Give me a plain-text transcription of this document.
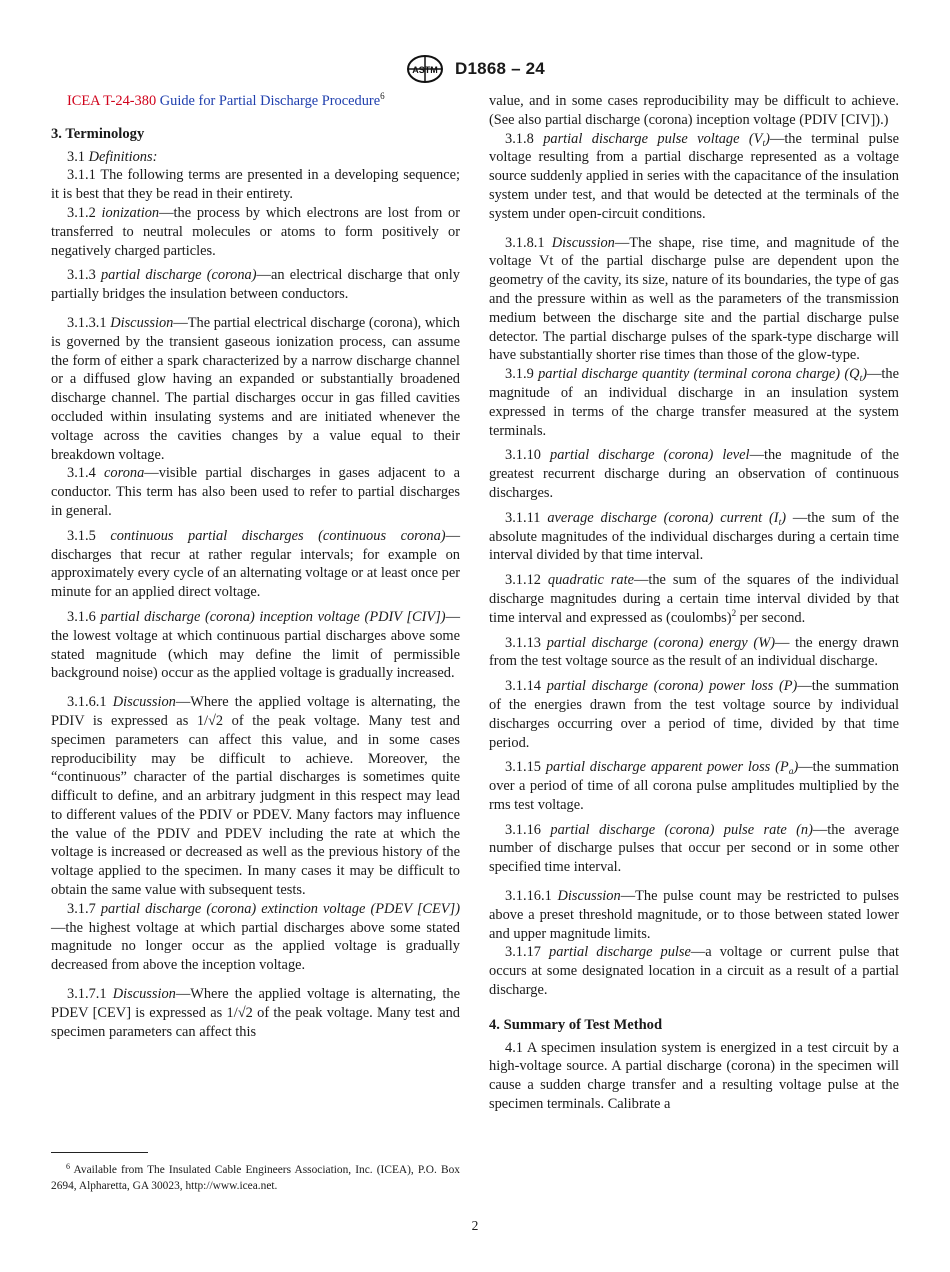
ASTM D1868 – 24

ICEA T-24-380 Guide for Partial Discharge Procedure$^6$

3. Terminology

3.1 Definitions:

3.1.1 The following terms are presented in a developing sequence; it is best that they be read in their entirety.

3.1.2 ionization—the process by which electrons are lost from or transferred to neutral molecules or atoms to form positively or negatively charged particles.

3.1.3 partial discharge (corona)—an electrical discharge that only partially bridges the insulation between conductors.

3.1.3.1 Discussion—The partial electrical discharge (corona), which is governed by the transient gaseous ionization process, can assume the form of either a spark characterized by a narrow discharge channel or a diffused glow having an expanded or substantially broadened discharge channel. The partial discharges occur in gas filled cavities occluded within insulating systems and are initiated whenever the voltage across the cavities changes by a value equal to their breakdown voltage.

3.1.4 corona—visible partial discharges in gases adjacent to a conductor. This term has also been used to refer to partial discharges in general.

3.1.5 continuous partial discharges (continuous corona)—discharges that recur at rather regular intervals; for example on approximately every cycle of an alternating voltage or at least once per minute for an applied direct voltage.

3.1.6 partial discharge (corona) inception voltage (PDIV [CIV])—the lowest voltage at which continuous partial discharges above some stated magnitude (which may define the limit of permissible background noise) occur as the applied voltage is gradually increased.

3.1.6.1 Discussion—Where the applied voltage is alternating, the PDIV is expressed as 1/√2 of the peak voltage. Many test and specimen parameters can affect this value, and in some cases reproducibility may be difficult to achieve. Moreover, the “continuous” character of the partial discharges is sometimes quite difficult to define, and an arbitrary judgment in this respect may lead to different values of the PDIV or PDEV. Many factors may influence the value of the PDIV and PDEV including the rate at which the voltage is increased or decreased as well as the previous history of the voltage applied to the specimen. In many cases it may be difficult to obtain the same value with subsequent tests.

3.1.7 partial discharge (corona) extinction voltage (PDEV [CEV])—the highest voltage at which partial discharges above some stated magnitude no longer occur as the applied voltage is gradually decreased from above the inception voltage.

3.1.7.1 Discussion—Where the applied voltage is alternating, the PDEV [CEV] is expressed as 1/√2 of the peak voltage. Many test and specimen parameters can affect this

value, and in some cases reproducibility may be difficult to achieve. (See also partial discharge (corona) inception voltage (PDIV [CIV]).)

3.1.8 partial discharge pulse voltage $(V_t)—the$ terminal pulse voltage resulting from a partial discharge represented as a voltage source suddenly applied in series with the capacitance of the insulation system under test, and that would be detected at the terminals of the system under open-circuit conditions.

3.1.8.1 Discussion—The shape, rise time, and magnitude of the voltage Vt of the partial discharge pulse are dependent upon the geometry of the cavity, its size, nature of its boundaries, the type of gas and the pressure within as well as the parameters of the transmission medium between the discharge site and the partial discharge pulse detector. The partial discharge pulses of the spark-type discharge will have substantially shorter rise times than those of the glow-type.

3.1.9 partial discharge quantity (terminal corona charge) $(Q_t)—the$ magnitude of an individual discharge in an insulation system expressed in terms of the charge transfer measured at the system terminals.

3.1.10 partial discharge (corona) level—the magnitude of the greatest recurrent discharge during an observation of continuous discharges.

3.1.11 average discharge (corona) current $(I_t)$ —the sum of the absolute magnitudes of the individual discharges during a certain time interval divided by that time interval.

3.1.12 quadratic rate—the sum of the squares of the individual discharge magnitudes during a certain time interval divided by that time interval and expressed as (coulombs)$^2$ per second.

3.1.13 partial discharge (corona) energy (W)— the energy drawn from the test voltage source as the result of an individual discharge.

3.1.14 partial discharge (corona) power loss (P)—the summation of the energies drawn from the test voltage source by individual discharges occurring over a period of time, divided by that time period.

3.1.15 partial discharge apparent power loss $(P_a)—the$ summation over a period of time of all corona pulse amplitudes multiplied by the rms test voltage.

3.1.16 partial discharge (corona) pulse rate (n)—the average number of discharge pulses that occur per second or in some other specified time interval.

3.1.16.1 Discussion—The pulse count may be restricted to pulses above a preset threshold magnitude, or to those between stated lower and upper magnitude limits.

3.1.17 partial discharge pulse—a voltage or current pulse that occurs at some designated location in a circuit as a result of a partial discharge.

4. Summary of Test Method

4.1 A specimen insulation system is energized in a test circuit by a high-voltage source. A partial discharge (corona) in the specimen will cause a sudden charge transfer and a resulting voltage pulse at the specimen terminals. Calibrate a

$^6$ Available from The Insulated Cable Engineers Association, Inc. (ICEA), P.O. Box 2694, Alpharetta, GA 30023, http://www.icea.net.
2
